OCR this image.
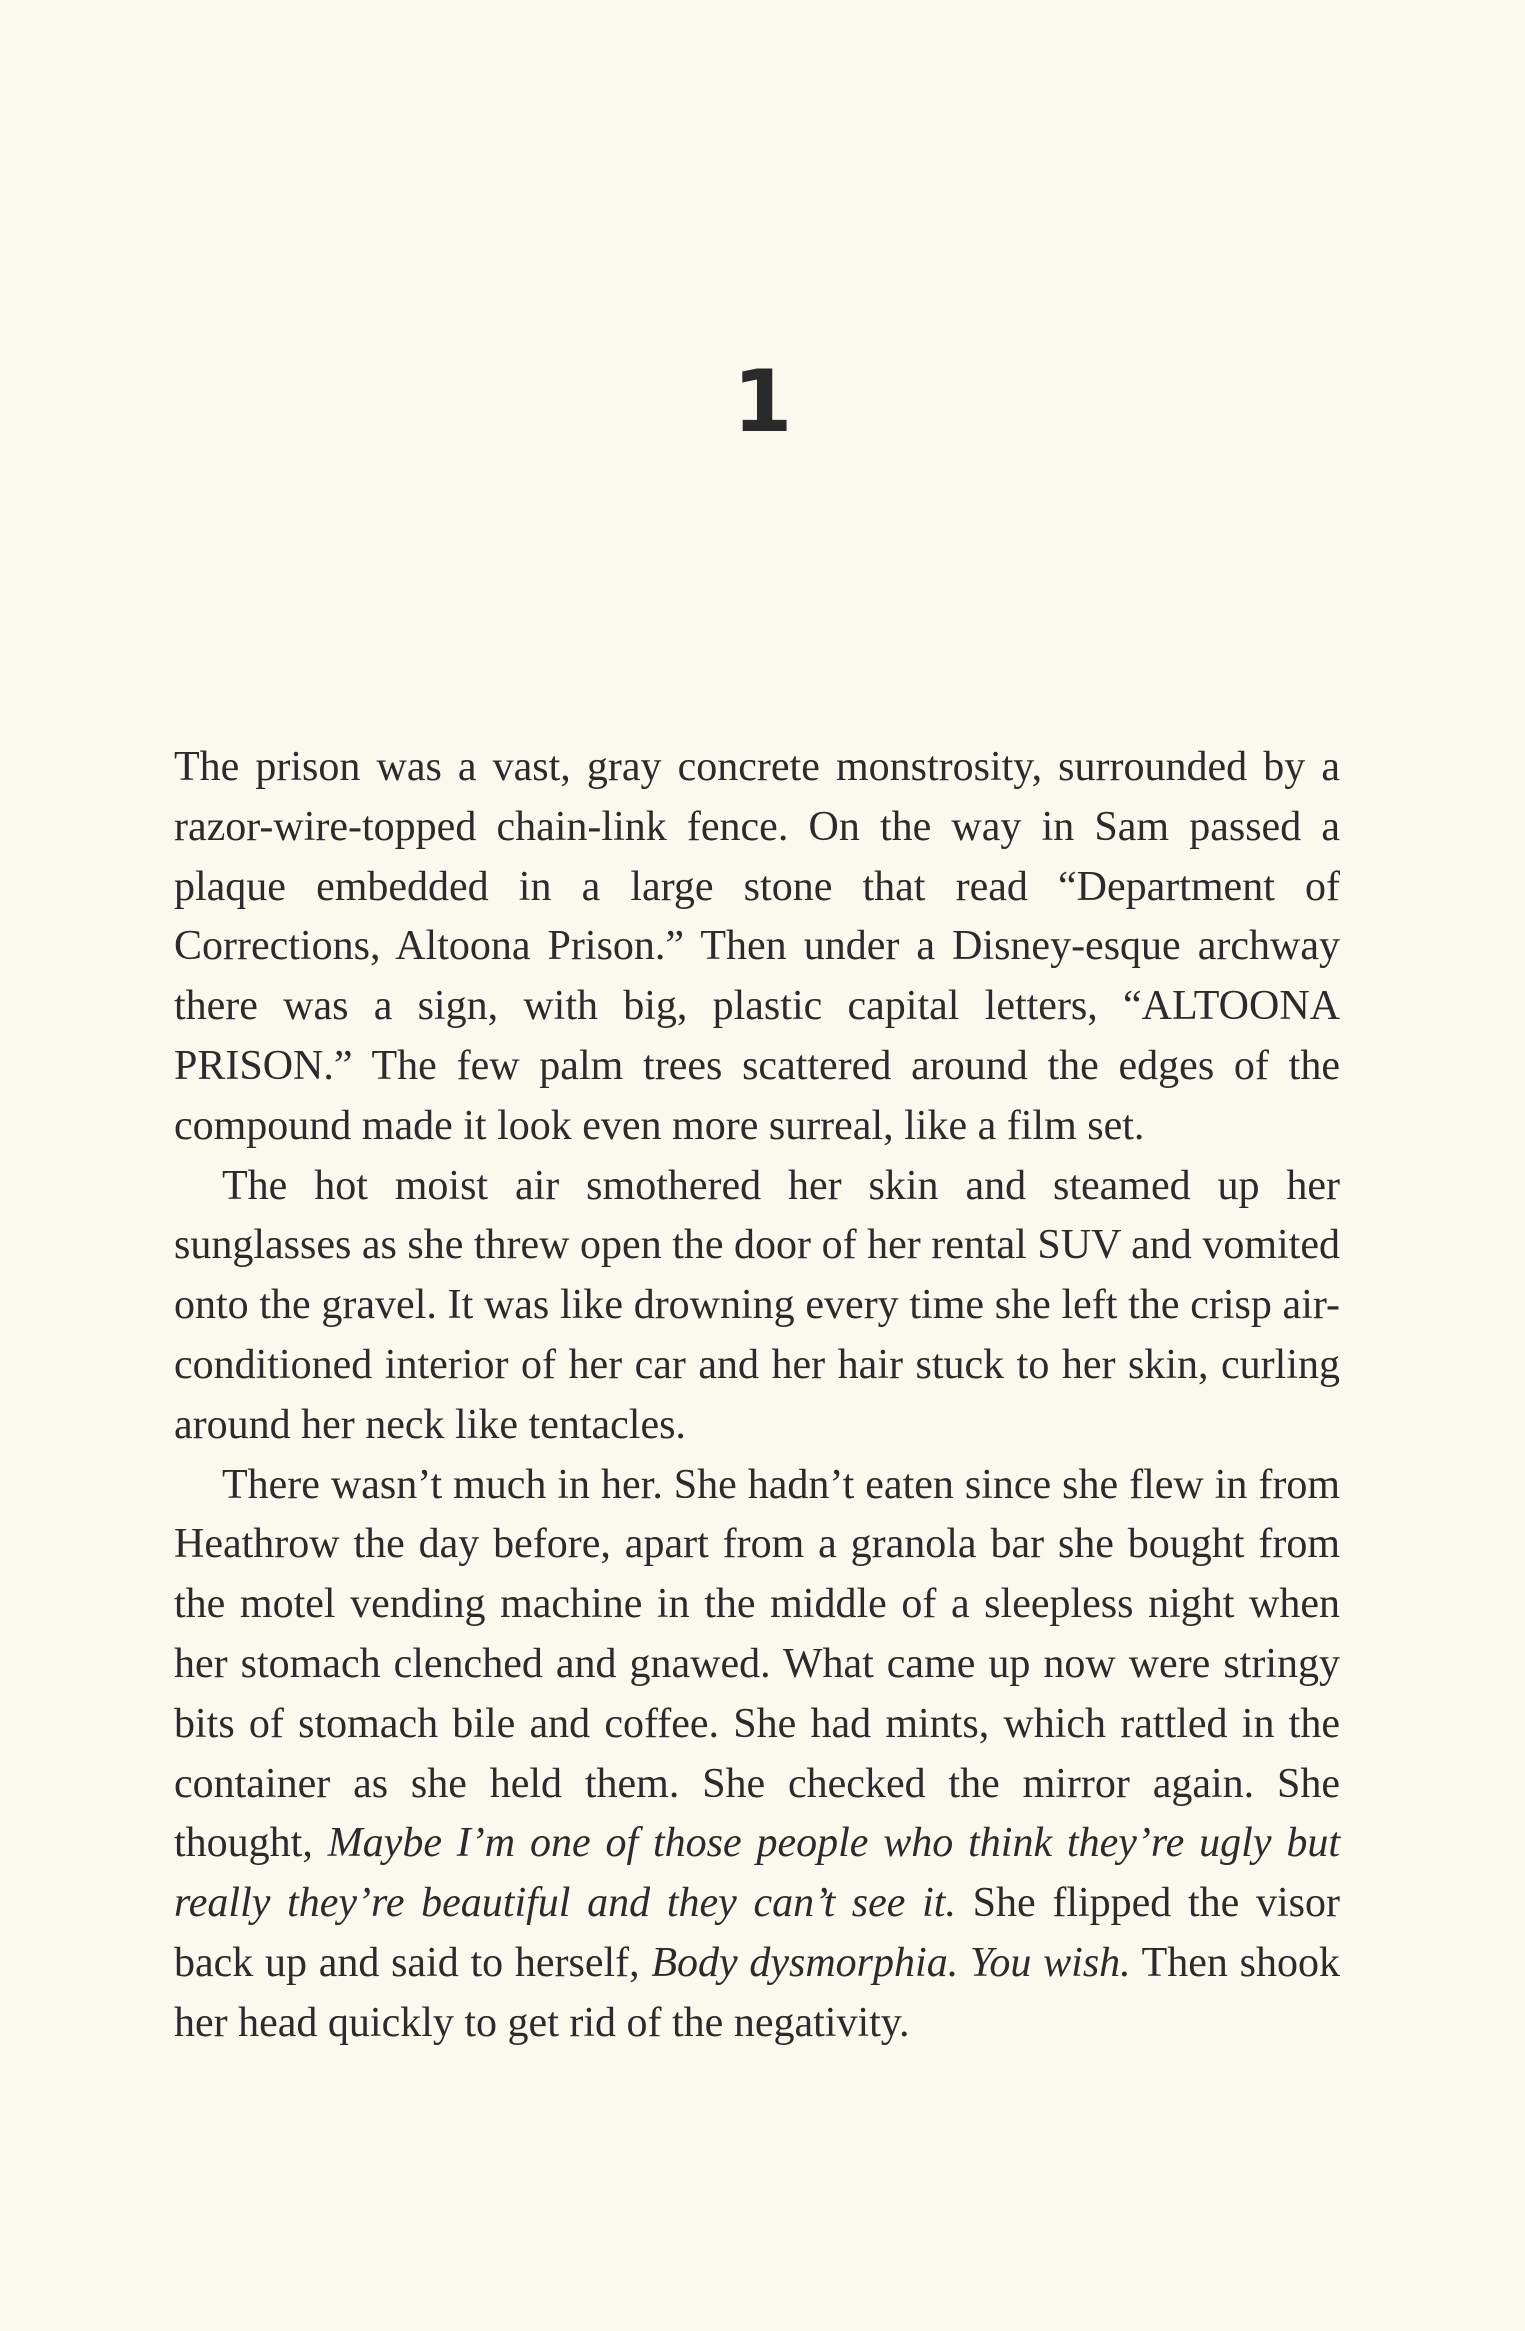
1

The prison was a vast, gray concrete monstrosity, surrounded by a razor-wire-topped chain-link fence. On the way in Sam passed a plaque embedded in a large stone that read “Department of Corrections, Altoona Prison.” Then under a Disney-esque archway there was a sign, with big, plastic capital letters, “ALTOONA PRISON.” The few palm trees scattered around the edges of the compound made it look even more surreal, like a film set.

The hot moist air smothered her skin and steamed up her sunglasses as she threw open the door of her rental SUV and vomited onto the gravel. It was like drowning every time she left the crisp air-conditioned interior of her car and her hair stuck to her skin, curling around her neck like tentacles.

There wasn’t much in her. She hadn’t eaten since she flew in from Heathrow the day before, apart from a granola bar she bought from the motel vending machine in the middle of a sleepless night when her stomach clenched and gnawed. What came up now were stringy bits of stomach bile and coffee. She had mints, which rattled in the container as she held them. She checked the mirror again. She thought, Maybe I’m one of those people who think they’re ugly but really they’re beautiful and they can’t see it. She flipped the visor back up and said to herself, Body dysmorphia. You wish. Then shook her head quickly to get rid of the negativity.
